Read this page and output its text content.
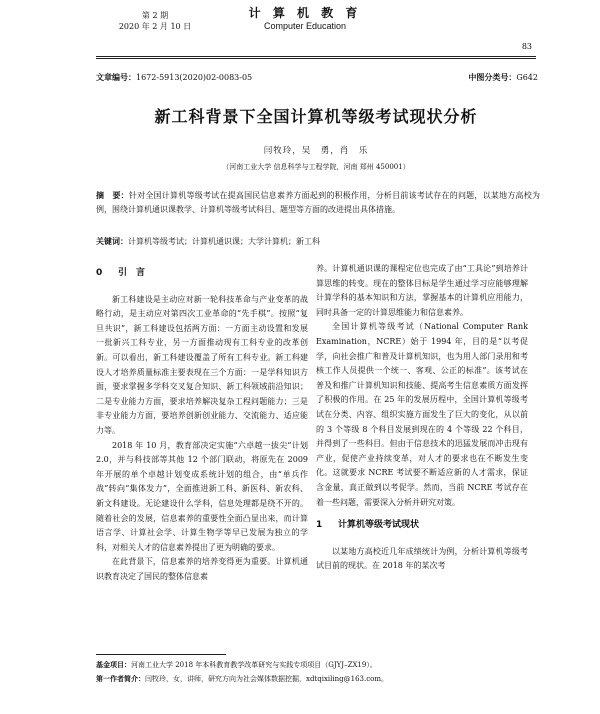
第 2 期
2020 年 2 月 10 日
计 算 机 教 育
Computer Education
83
文章编号：1672-5913(2020)02-0083-05	中图分类号：G642
新工科背景下全国计算机等级考试现状分析
闫牧玲，吴　勇，肖　乐
（河南工业大学 信息科学与工程学院，河南 郑州 450001）
摘　要：针对全国计算机等级考试在提高国民信息素养方面起到的积极作用，分析目前该考试存在的问题，以某地方高校为例，围绕计算机通识课教学、计算机等级考试科目、题型等方面的改进提出具体措施。
关键词：计算机等级考试；计算机通识课；大学计算机；新工科

0 引　言

新工科建设是主动应对新一轮科技革命与产业变革的战略行动，是主动应对第四次工业革命的“先手棋”。按照“复旦共识”，新工科建设包括两方面：一方面主动设置和发展一批新兴工科专业，另一方面推动现有工科专业的改革创新。可以看出，新工科建设覆盖了所有工科专业。新工科建设人才培养质量标准主要表现在三个方面：一是学科知识方面，要求掌握多学科交叉复合知识、新工科领域前沿知识；二是专业能力方面，要求培养解决复杂工程问题能力；三是非专业能力方面，要培养创新创业能力、交流能力、适应能力等。

2018 年 10 月，教育部决定实施“六卓越一拔尖”计划 2.0，并与科技部等其他 12 个部门联动，将原先在 2009 年开展的单个卓越计划变成系统计划的组合，由“单兵作战”转向“集体发力”，全面推进新工科、新医科、新农科、新文科建设。无论建设什么学科，信息处理都是绕不开的。随着社会的发展，信息素养的重要性全面凸显出来，而计算语言学、计算社会学、计算生物学等早已发展为独立的学科，对相关人才的信息素养提出了更为明确的要求。

在此背景下，信息素养的培养变得更为重要。计算机通识教育决定了国民的整体信息素

养。计算机通识课的课程定位也完成了由“工具论”到培养计算思维的转变。现在的整体目标是学生通过学习应能够理解计算学科的基本知识和方法，掌握基本的计算机应用能力，同时具备一定的计算思维能力和信息素养。

全国计算机等级考试（National Computer Rank Examination，NCRE）始于 1994 年，目的是“以考促学，向社会推广和普及计算机知识，也为用人部门录用和考核工作人员提供一个统一、客观、公正的标准”。该考试在普及和推广计算机知识和技能、提高考生信息素质方面发挥了积极的作用。在 25 年的发展历程中，全国计算机等级考试在分类、内容、组织实施方面发生了巨大的变化，从以前的 3 个等级 8 个科目发展到现在的 4 个等级 22 个科目，并得到了一些科目。但由于信息技术的迅猛发展而冲击现有产业，促使产业持续变革，对人才的要求也在不断发生变化。这就要求 NCRE 考试要不断适应新的人才需求，保证含金量，真正做到以考促学。然而，当前 NCRE 考试存在着一些问题，需要深入分析并研究对策。

1 计算机等级考试现状

以某地方高校近几年成绩统计为例，分析计算机等级考试目前的现状。在 2018 年的某次考

基金项目：河南工业大学 2018 年本科教育教学改革研究与实践专项项目（GJYJ–ZX19）。
第一作者简介：闫牧玲，女，讲师，研究方向为社会媒体数据挖掘，xdtqixiling@163.com。
